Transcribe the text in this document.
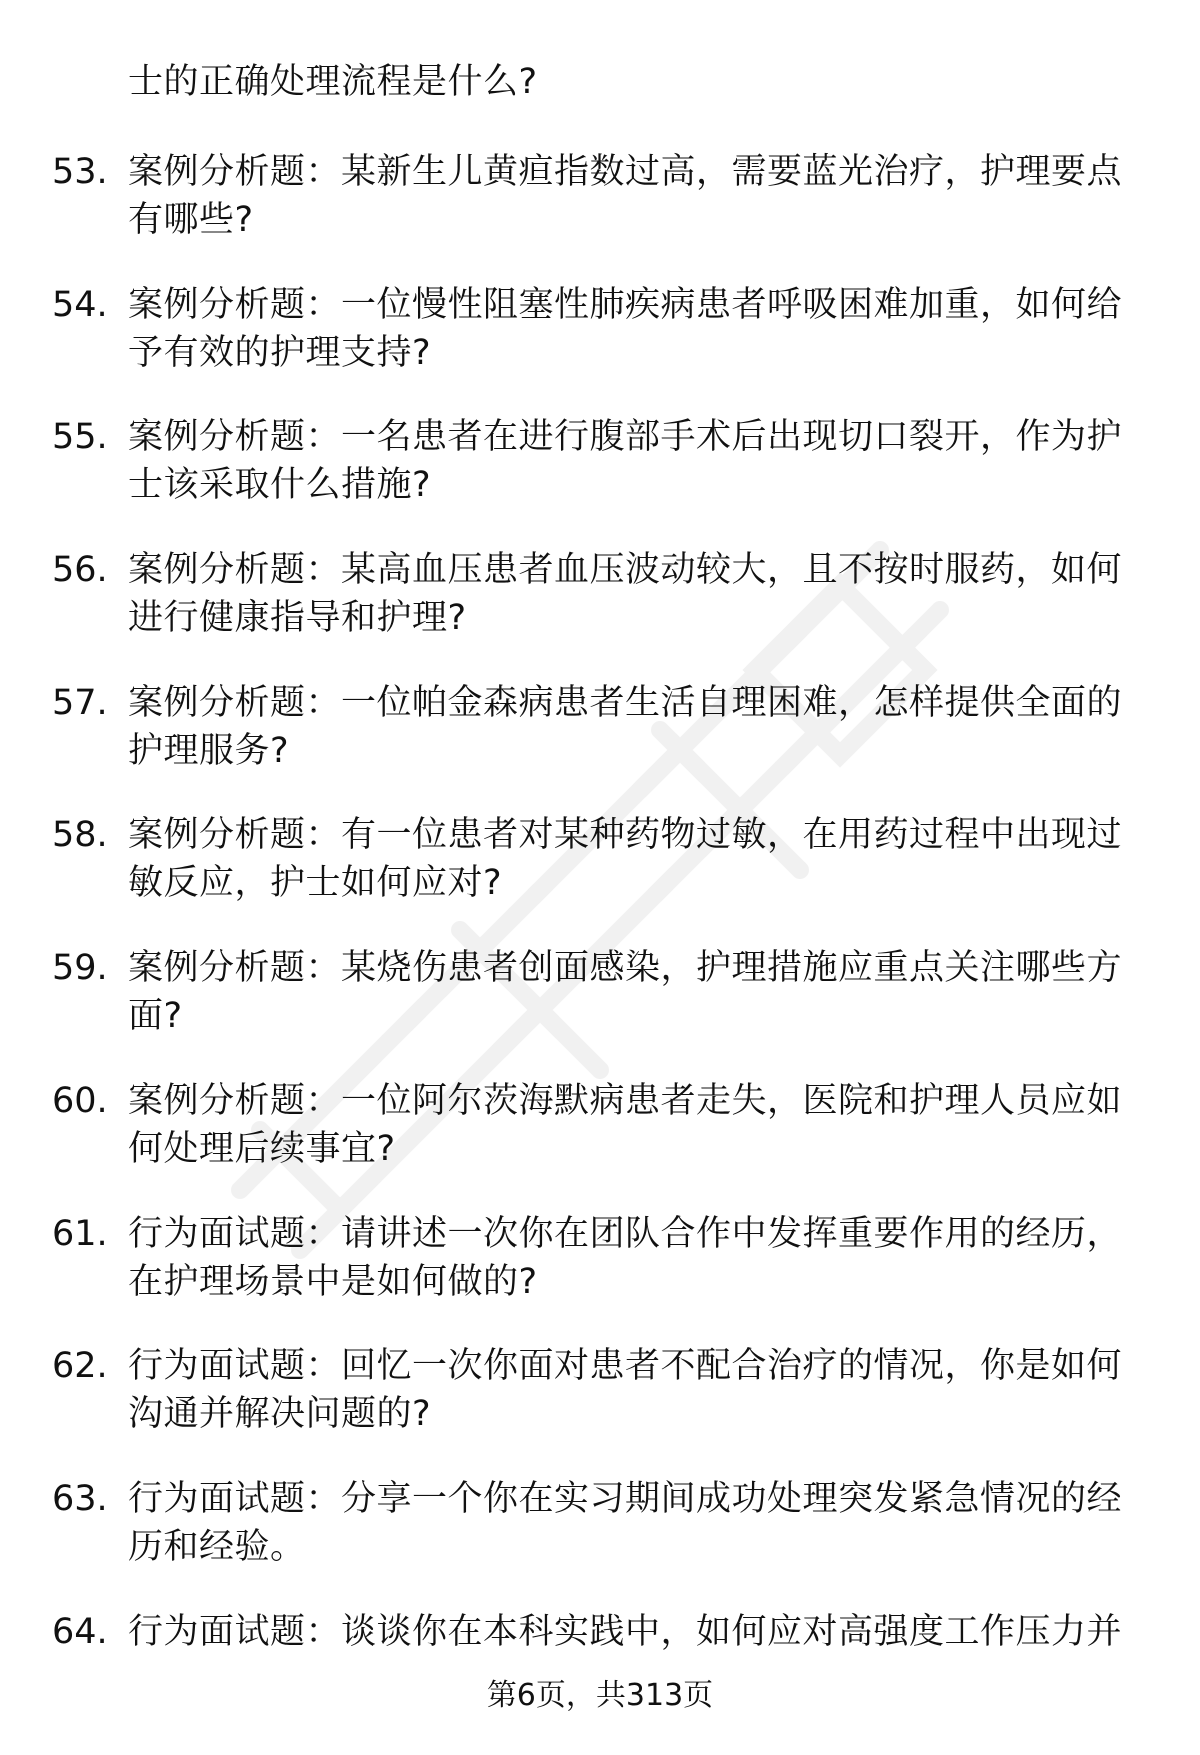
士的正确处理流程是什么?
53. 案例分析题：某新生儿黄疸指数过高，需要蓝光治疗，护理要点有哪些?
54. 案例分析题：一位慢性阻塞性肺疾病患者呼吸困难加重，如何给予有效的护理支持?
55. 案例分析题：一名患者在进行腹部手术后出现切口裂开，作为护士该采取什么措施?
56. 案例分析题：某高血压患者血压波动较大，且不按时服药，如何进行健康指导和护理?
57. 案例分析题：一位帕金森病患者生活自理困难，怎样提供全面的护理服务?
58. 案例分析题：有一位患者对某种药物过敏，在用药过程中出现过敏反应，护士如何应对?
59. 案例分析题：某烧伤患者创面感染，护理措施应重点关注哪些方面?
60. 案例分析题：一位阿尔茨海默病患者走失，医院和护理人员应如何处理后续事宜?
61. 行为面试题：请讲述一次你在团队合作中发挥重要作用的经历，在护理场景中是如何做的?
62. 行为面试题：回忆一次你面对患者不配合治疗的情况，你是如何沟通并解决问题的?
63. 行为面试题：分享一个你在实习期间成功处理突发紧急情况的经历和经验。
64. 行为面试题：谈谈你在本科实践中，如何应对高强度工作压力并
第6页，共313页
